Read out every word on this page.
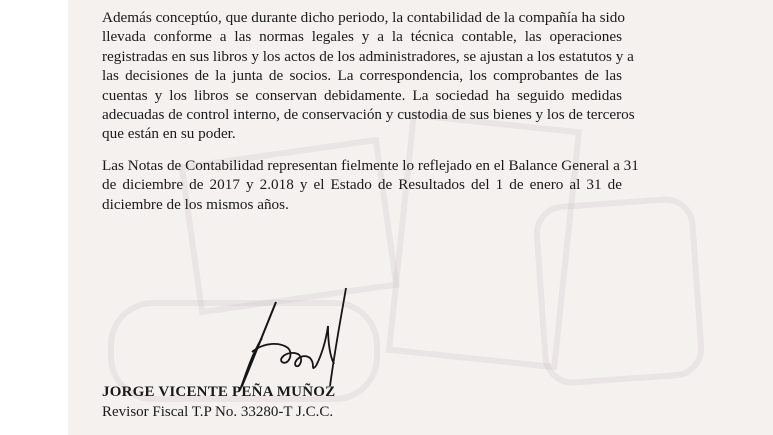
Además conceptúo, que durante dicho periodo, la contabilidad de la compañía ha sido
llevada conforme a las normas legales y a la técnica contable, las operaciones
registradas en sus libros y los actos de los administradores, se ajustan a los estatutos y a
las decisiones de la junta de socios. La correspondencia, los comprobantes de las
cuentas y los libros se conservan debidamente. La sociedad ha seguido medidas
adecuadas de control interno, de conservación y custodia de sus bienes y los de terceros
que están en su poder.
Las Notas de Contabilidad representan fielmente lo reflejado en el Balance General a 31
de diciembre de 2017 y 2.018 y el Estado de Resultados del 1 de enero al 31 de
diciembre de los mismos años.
JORGE VICENTE PEÑA MUÑOZ
Revisor Fiscal T.P No. 33280-T J.C.C.
